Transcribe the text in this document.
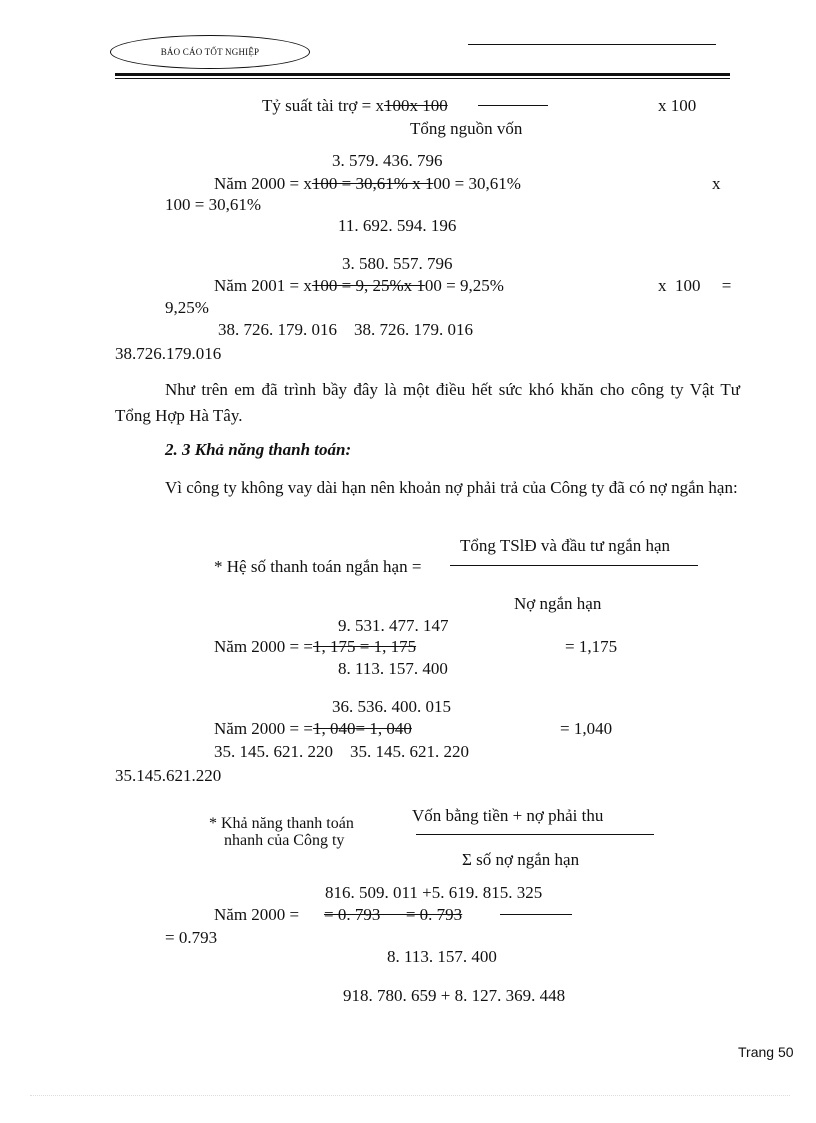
BÁO CÁO TỐT NGHIỆP
Tỷ suất tài trợ = x100x 100	x 100
Tổng nguồn vốn
3. 579. 436. 796
Năm 2000 = x100 = 30,61% x 100 = 30,61%	x
100 = 30,61%
11. 692. 594. 196
3. 580. 557. 796
Năm 2001 = x100 = 9, 25%x 100 = 9,25%	x  100     =
9,25%
38. 726. 179. 016    38. 726. 179. 016
38.726.179.016
Như trên em đã trình bầy đây là một điều hết sức khó khăn cho công ty Vật Tư Tổng Hợp Hà Tây.
2. 3 Khả năng thanh toán:
Vì công ty không vay dài hạn nên khoản nợ phải trả của Công ty đã có nợ ngắn hạn:
Tổng TSlĐ và đầu tư ngắn hạn
* Hệ số thanh toán ngắn hạn =
Nợ ngắn hạn
9. 531. 477. 147
Năm 2000 = =1, 175 = 1, 175	= 1,175
8. 113. 157. 400
36. 536. 400. 015
Năm 2000 = =1, 040= 1, 040	= 1,040
35. 145. 621. 220    35. 145. 621. 220
35.145.621.220
* Khả năng thanh toán
nhanh của Công ty
Vốn bằng tiền + nợ phải thu
Σ số nợ ngắn hạn
816. 509. 011 +5. 619. 815. 325
Năm 2000 = = 0. 793      = 0. 793
= 0.793
8. 113. 157. 400
918. 780. 659 + 8. 127. 369. 448
Trang 50
